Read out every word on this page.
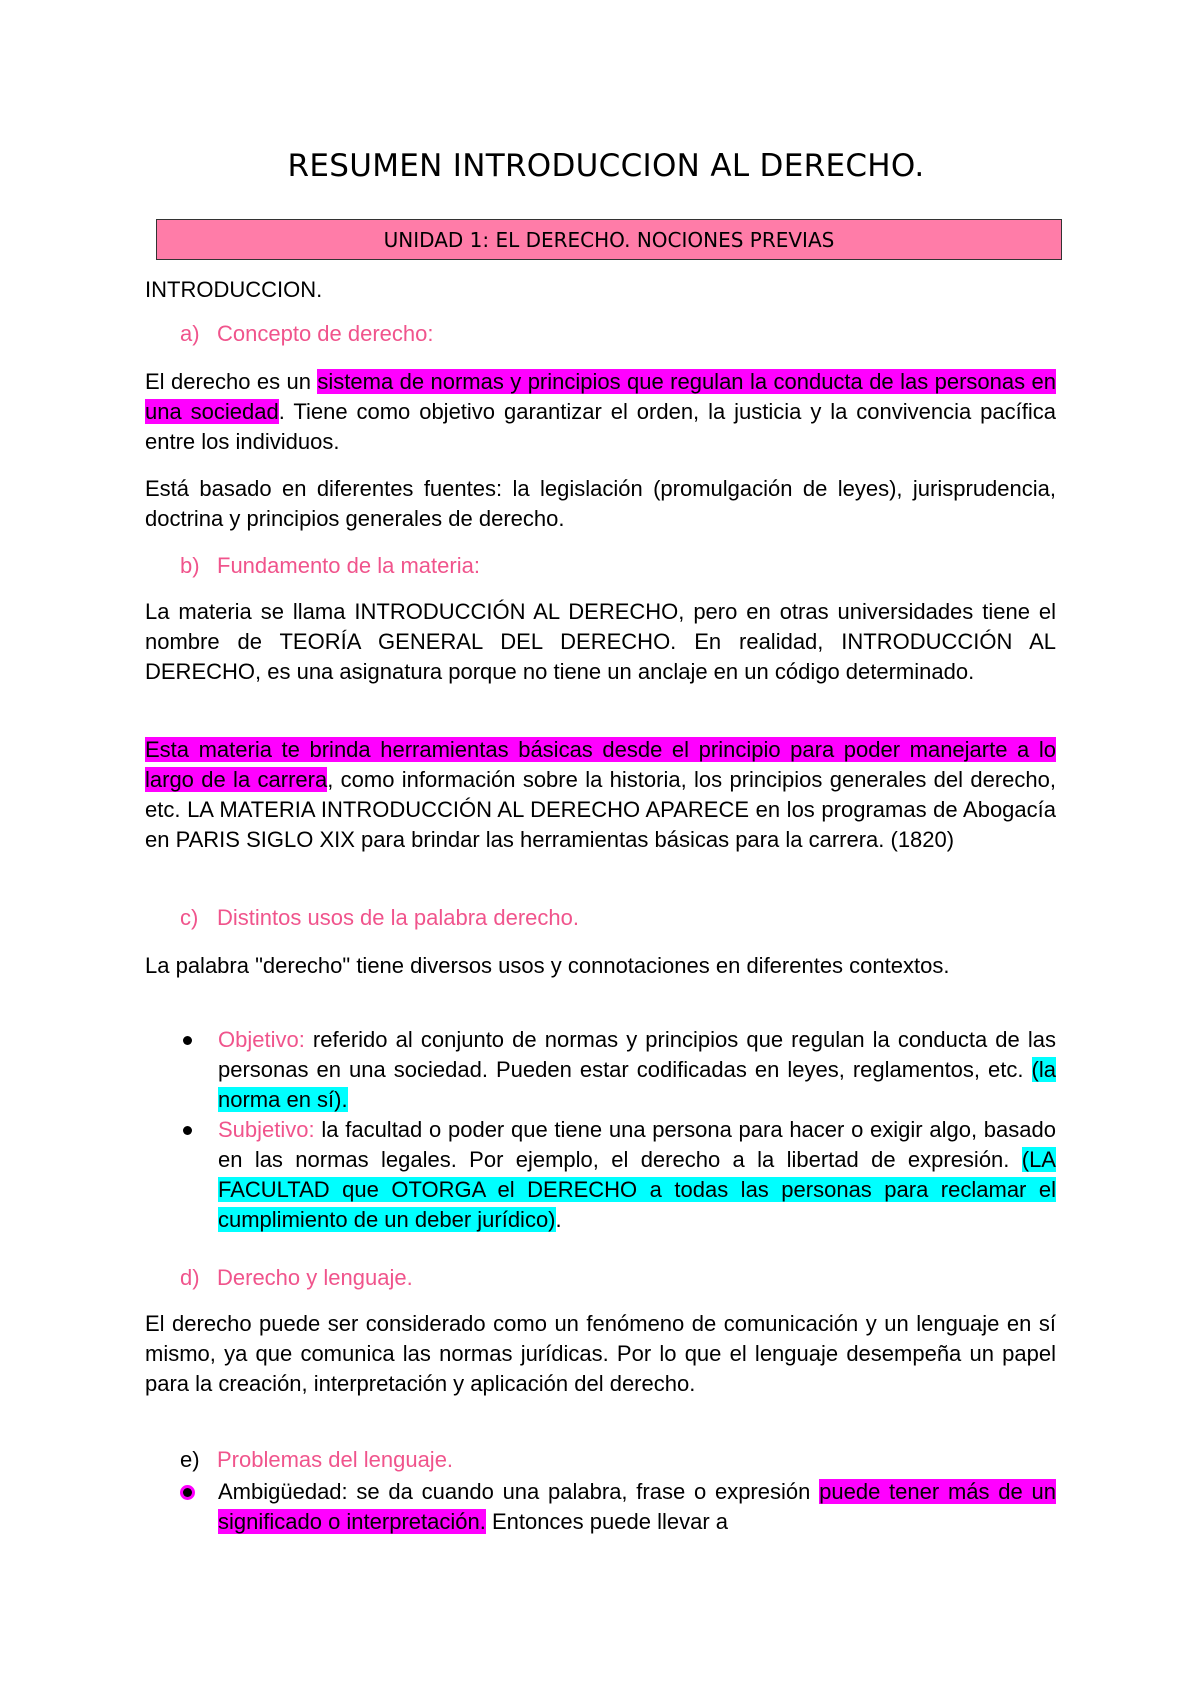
RESUMEN INTRODUCCION AL DERECHO.
UNIDAD 1: EL DERECHO. NOCIONES PREVIAS
INTRODUCCION.
a) Concepto de derecho:
El derecho es un sistema de normas y principios que regulan la conducta de las personas en una sociedad. Tiene como objetivo garantizar el orden, la justicia y la convivencia pacífica entre los individuos.
Está basado en diferentes fuentes: la legislación (promulgación de leyes), jurisprudencia, doctrina y principios generales de derecho.
b) Fundamento de la materia:
La materia se llama INTRODUCCIÓN AL DERECHO, pero en otras universidades tiene el nombre de TEORÍA GENERAL DEL DERECHO. En realidad, INTRODUCCIÓN AL DERECHO, es una asignatura porque no tiene un anclaje en un código determinado.
Esta materia te brinda herramientas básicas desde el principio para poder manejarte a lo largo de la carrera, como información sobre la historia, los principios generales del derecho, etc. LA MATERIA INTRODUCCIÓN AL DERECHO APARECE en los programas de Abogacía en PARIS SIGLO XIX para brindar las herramientas básicas para la carrera. (1820)
c) Distintos usos de la palabra derecho.
La palabra "derecho" tiene diversos usos y connotaciones en diferentes contextos.

Objetivo: referido al conjunto de normas y principios que regulan la conducta de las personas en una sociedad. Pueden estar codificadas en leyes, reglamentos, etc. (la norma en sí).

Subjetivo: la facultad o poder que tiene una persona para hacer o exigir algo, basado en las normas legales. Por ejemplo, el derecho a la libertad de expresión. (LA FACULTAD que OTORGA el DERECHO a todas las personas para reclamar el cumplimiento de un deber jurídico).

d) Derecho y lenguaje.
El derecho puede ser considerado como un fenómeno de comunicación y un lenguaje en sí mismo, ya que comunica las normas jurídicas. Por lo que el lenguaje desempeña un papel para la creación, interpretación y aplicación del derecho.
e) Problemas del lenguaje.

Ambigüedad: se da cuando una palabra, frase o expresión puede tener más de un significado o interpretación. Entonces puede llevar a
